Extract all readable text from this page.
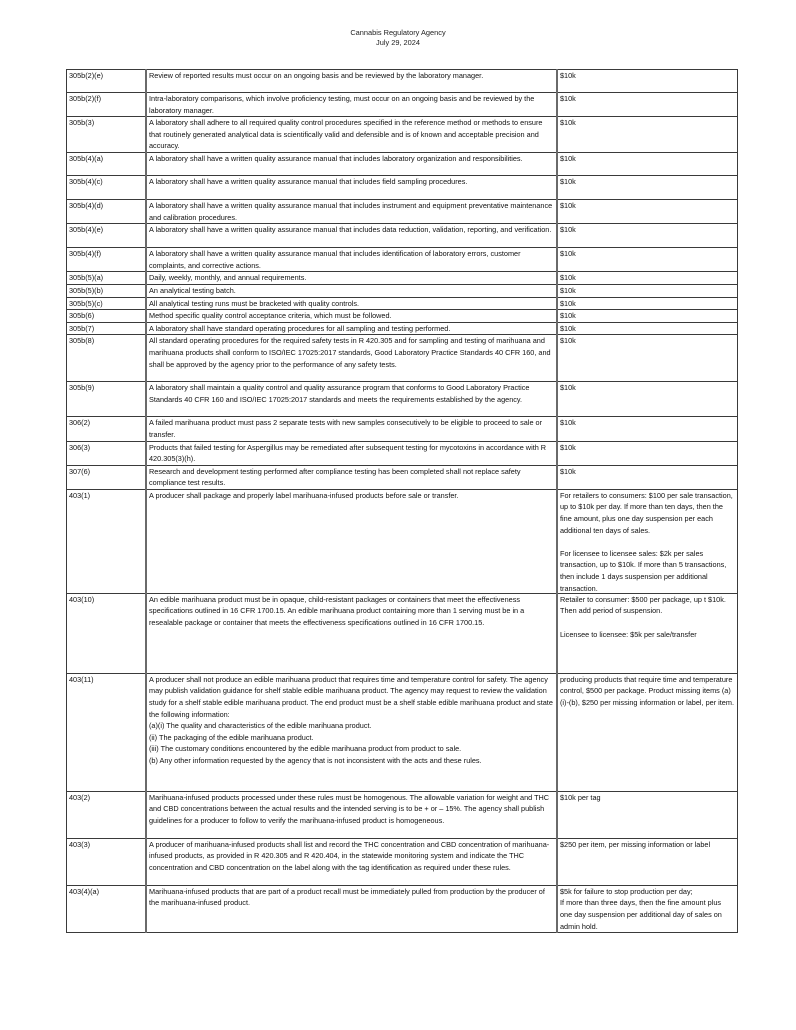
Cannabis Regulatory Agency
July 29, 2024
305b(2)(e)	Review of reported results must occur on an ongoing basis and be reviewed by the laboratory manager.	$10k
305b(2)(f)	Intra-laboratory comparisons, which involve proficiency testing, must occur on an ongoing basis and be reviewed by the laboratory manager.	$10k
305b(3)	A laboratory shall adhere to all required quality control procedures specified in the reference method or methods to ensure that routinely generated analytical data is scientifically valid and defensible and is of known and acceptable precision and accuracy.	$10k
305b(4)(a)	A laboratory shall have a written quality assurance manual that includes laboratory organization and responsibilities.	$10k
305b(4)(c)	A laboratory shall have a written quality assurance manual that includes field sampling procedures.	$10k
305b(4)(d)	A laboratory shall have a written quality assurance manual that includes instrument and equipment preventative maintenance and calibration procedures.	$10k
305b(4)(e)	A laboratory shall have a written quality assurance manual that includes data reduction, validation, reporting, and verification.	$10k
305b(4)(f)	A laboratory shall have a written quality assurance manual that includes identification of laboratory errors, customer complaints, and corrective actions.	$10k
305b(5)(a)	Daily, weekly, monthly, and annual requirements.	$10k
305b(5)(b)	An analytical testing batch.	$10k
305b(5)(c)	All analytical testing runs must be bracketed with quality controls.	$10k
305b(6)	Method specific quality control acceptance criteria, which must be followed.	$10k
305b(7)	A laboratory shall have standard operating procedures for all sampling and testing performed.	$10k
305b(8)	All standard operating procedures for the required safety tests in R 420.305 and for sampling and testing of marihuana and marihuana products shall conform to ISO/IEC 17025:2017 standards, Good Laboratory Practice Standards 40 CFR 160, and shall be approved by the agency prior to the performance of any safety tests.	$10k
305b(9)	A laboratory shall maintain a quality control and quality assurance program that conforms to Good Laboratory Practice Standards 40 CFR 160 and ISO/IEC 17025:2017 standards and meets the requirements established by the agency.	$10k
306(2)	A failed marihuana product must pass 2 separate tests with new samples consecutively to be eligible to proceed to sale or transfer.	$10k
306(3)	Products that failed testing for Aspergillus may be remediated after subsequent testing for mycotoxins in accordance with R 420.305(3)(h).	$10k
307(6)	Research and development testing performed after compliance testing has been completed shall not replace safety compliance test results.	$10k
403(1)	A producer shall package and properly label marihuana-infused products before sale or transfer.	For retailers to consumers: $100 per sale transaction, up to $10k per day. If more than ten days, then the fine amount, plus one day suspension per each additional ten days of sales.
For licensee to licensee sales: $2k per sales transaction, up to $10k. If more than 5 transactions, then include 1 days suspension per additional transaction.

403(10)	An edible marihuana product must be in opaque, child-resistant packages or containers that meet the effectiveness specifications outlined in 16 CFR 1700.15. An edible marihuana product containing more than 1 serving must be in a resealable package or container that meets the effectiveness specifications outlined in 16 CFR 1700.15.	Retailer to consumer: $500 per package, up t $10k. Then add period of suspension.
Licensee to licensee: $5k per sale/transfer

403(11)	A producer shall not produce an edible marihuana product that requires time and temperature control for safety. The agency may publish validation guidance for shelf stable edible marihuana product. The agency may request to review the validation study for a shelf stable edible marihuana product. The end product must be a shelf stable edible marihuana product and state the following information:
(a)(i) The quality and characteristics of the edible marihuana product.
(ii) The packaging of the edible marihuana product.
(iii) The customary conditions encountered by the edible marihuana product from product to sale.
(b) Any other information requested by the agency that is not inconsistent with the acts and these rules.	producing products that require time and temperature control, $500 per package. Product missing items (a)(i)-(b), $250 per missing information or label, per item.
403(2)	Marihuana-infused products processed under these rules must be homogenous. The allowable variation for weight and THC and CBD concentrations between the actual results and the intended serving is to be + or – 15%. The agency shall publish guidelines for a producer to follow to verify the marihuana-infused product is homogeneous.	$10k per tag
403(3)	A producer of marihuana-infused products shall list and record the THC concentration and CBD concentration of marihuana-infused products, as provided in R 420.305 and R 420.404, in the statewide monitoring system and indicate the THC concentration and CBD concentration on the label along with the tag identification as required under these rules.	$250 per item, per missing information or label
403(4)(a)	Marihuana-infused products that are part of a product recall must be immediately pulled from production by the producer of the marihuana-infused product.	$5k for failure to stop production per day;
If more than three days, then the fine amount plus one day suspension per additional day of sales on admin hold.
